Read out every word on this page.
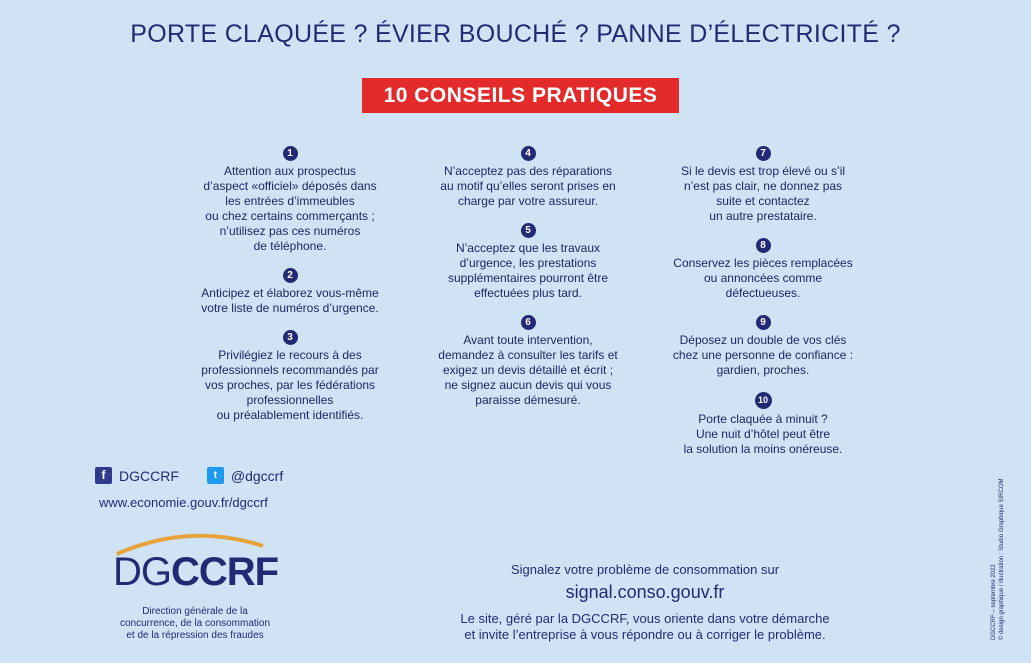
PORTE CLAQUÉE ? ÉVIER BOUCHÉ ? PANNE D’ÉLECTRICITÉ ?
10 CONSEILS PRATIQUES
1
Attention aux prospectus
d’aspect «officiel» déposés dans
les entrées d’immeubles
ou chez certains commerçants ;
n’utilisez pas ces numéros
de téléphone.
2
Anticipez et élaborez vous-même
votre liste de numéros d’urgence.
3
Privilégiez le recours à des
professionnels recommandés par
vos proches, par les fédérations
professionnelles
ou préalablement identifiés.
4
N’acceptez pas des réparations
au motif qu’elles seront prises en
charge par votre assureur.
5
N’acceptez que les travaux
d’urgence, les prestations
supplémentaires pourront être
effectuées plus tard.
6
Avant toute intervention,
demandez à consulter les tarifs et
exigez un devis détaillé et écrit ;
ne signez aucun devis qui vous
paraisse démesuré.
7
Si le devis est trop élevé ou s’il
n’est pas clair, ne donnez pas
suite et contactez
un autre prestataire.
8
Conservez les pièces remplacées
ou annoncées comme
défectueuses.
9
Déposez un double de vos clés
chez une personne de confiance :
gardien, proches.
10
Porte claquée à minuit ?
Une nuit d’hôtel peut être
la solution la moins onéreuse.
f DGCCRF	t @dgccrf
www.economie.gouv.fr/dgccrf
DGCCRF
Direction générale de la
concurrence, de la consommation
et de la répression des fraudes
Signalez votre problème de consommation sur
signal.conso.gouv.fr
Le site, géré par la DGCCRF, vous oriente dans votre démarche
et invite l’entreprise à vous répondre ou à corriger le problème.	DGCCRF – septembre 2022
© design graphique / illustration : Studio Graphique SIRCOM
